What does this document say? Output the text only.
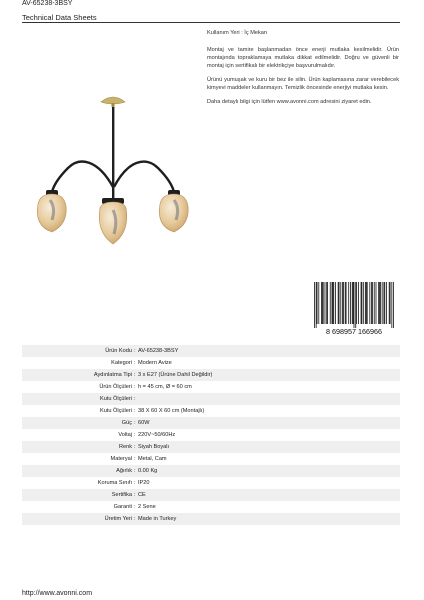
AV-65238-3BSY
Technical Data Sheets

Kullanım Yeri : İç Mekan

Montaj ve tamire başlanmadan önce enerji mutlaka kesilmelidir. Ürün montajında topraklamaya mutlaka dikkat edilmelidir. Doğru ve güvenli bir montaj için sertifikalı bir elektrikçiye başvurulmalıdır.

Ürünü yumuşak ve kuru bir bez ile silin. Ürün kaplamasına zarar verebilecek kimyevi maddeler kullanmayın. Temizlik öncesinde enerjiyi mutlaka kesin.

Daha detaylı bilgi için lütfen www.avonni.com adresini ziyaret edin.

8 698957 166966
Ürün Kodu : AV-65238-3BSY
Kategori : Modern Avize
Aydınlatma Tipi : 3 x E27 (Ürüne Dahil Değildir)
Ürün Ölçüleri : h = 45 cm, Ø = 60 cm
Kutu Ölçüleri :
Kutu Ölçüleri : 38 X 60 X 60 cm (Montajlı)
Güç : 60W
Voltaj : 220V~50/60Hz
Renk : Siyah Boyalı
Materyal : Metal, Cam
Ağırlık : 0.00 Kg
Koruma Sınıfı : IP20
Sertifika : CE
Garanti : 2 Sene
Üretim Yeri : Made in Turkey
http://www.avonni.com
